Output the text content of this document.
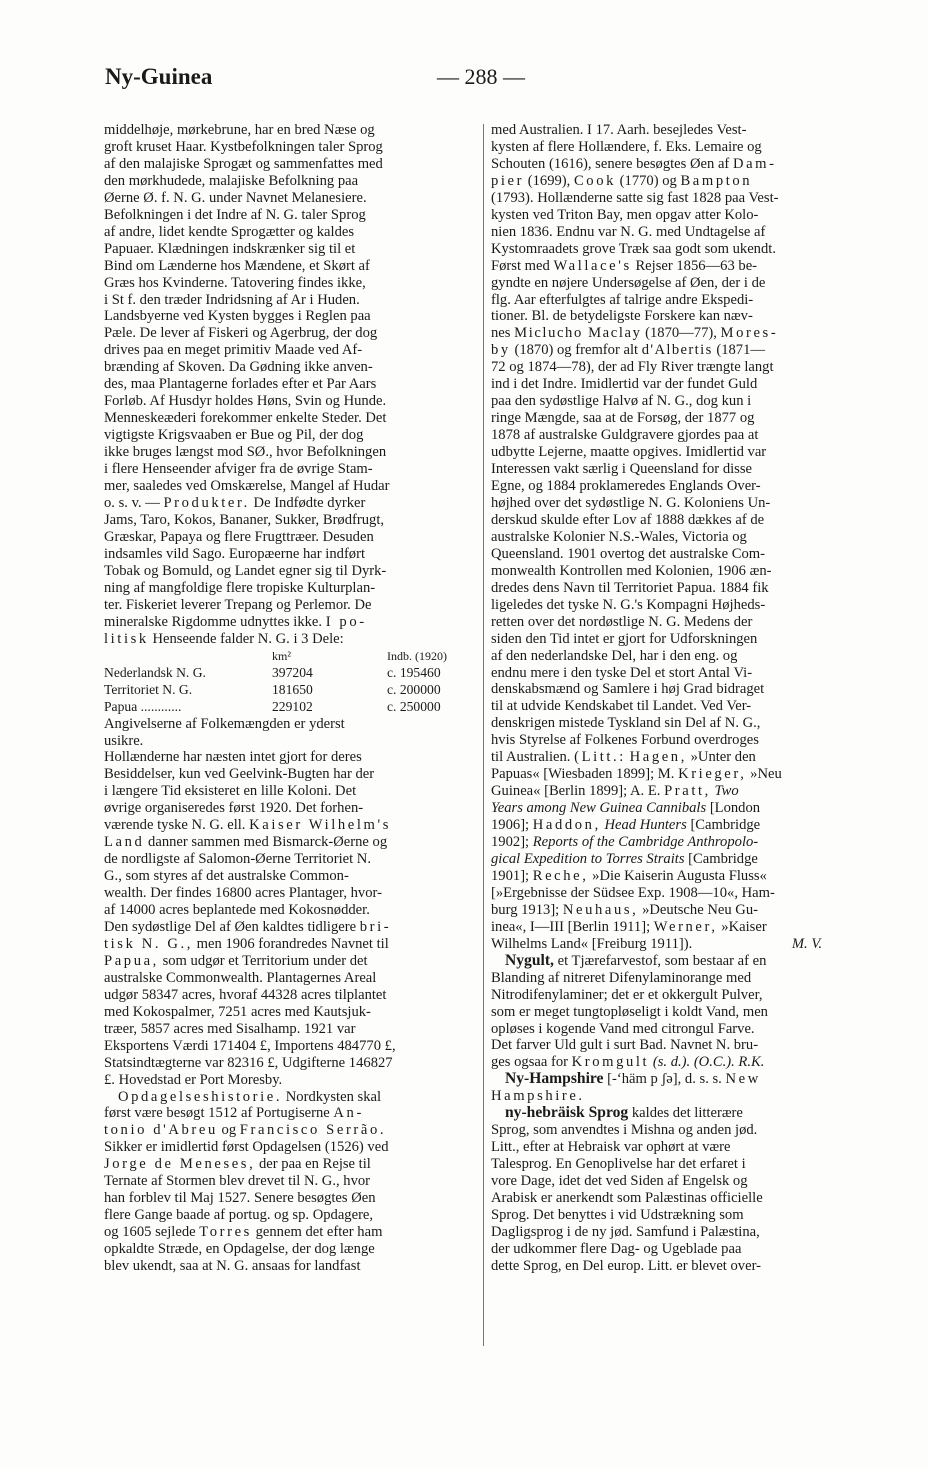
Ny-Guinea	— 288 —
middelhøje, mørkebrune, har en bred Næse og
groft kruset Haar. Kystbefolkningen taler Sprog
af den malajiske Sprogæt og sammenfattes med
den mørkhudede, malajiske Befolkning paa
Øerne Ø. f. N. G. under Navnet Melanesiere.
Befolkningen i det Indre af N. G. taler Sprog
af andre, lidet kendte Sprogætter og kaldes
Papuaer. Klædningen indskrænker sig til et
Bind om Lænderne hos Mændene, et Skørt af
Græs hos Kvinderne. Tatovering findes ikke,
i St f. den træder Indridsning af Ar i Huden.
Landsbyerne ved Kysten bygges i Reglen paa
Pæle. De lever af Fiskeri og Agerbrug, der dog
drives paa en meget primitiv Maade ved Af-
brænding af Skoven. Da Gødning ikke anven-
des, maa Plantagerne forlades efter et Par Aars
Forløb. Af Husdyr holdes Høns, Svin og Hunde.
Menneskeæderi forekommer enkelte Steder. Det
vigtigste Krigsvaaben er Bue og Pil, der dog
ikke bruges længst mod SØ., hvor Befolkningen
i flere Henseender afviger fra de øvrige Stam-
mer, saaledes ved Omskærelse, Mangel af Hudar
o. s. v. — Produkter. De Indfødte dyrker
Jams, Taro, Kokos, Bananer, Sukker, Brødfrugt,
Græskar, Papaya og flere Frugttræer. Desuden
indsamles vild Sago. Europæerne har indført
Tobak og Bomuld, og Landet egner sig til Dyrk-
ning af mangfoldige flere tropiske Kulturplan-
ter. Fiskeriet leverer Trepang og Perlemor. De
mineralske Rigdomme udnyttes ikke. I po-
litisk Henseende falder N. G. i 3 Dele:
	km²	Indb. (1920)
Nederlandsk N. G.	397204	c. 195460
Territoriet N. G.	181650	c. 200000
Papua ............	229102	c. 250000
Angivelserne af Folkemængden er yderst
usikre.
Hollænderne har næsten intet gjort for deres
Besiddelser, kun ved Geelvink-Bugten har der
i længere Tid eksisteret en lille Koloni. Det
øvrige organiseredes først 1920. Det forhen-
værende tyske N. G. ell. Kaiser Wilhelm's
Land danner sammen med Bismarck-Øerne og
de nordligste af Salomon-Øerne Territoriet N.
G., som styres af det australske Common-
wealth. Der findes 16800 acres Plantager, hvor-
af 14000 acres beplantede med Kokosnødder.
Den sydøstlige Del af Øen kaldtes tidligere bri-
tisk N. G., men 1906 forandredes Navnet til
Papua, som udgør et Territorium under det
australske Commonwealth. Plantagernes Areal
udgør 58347 acres, hvoraf 44328 acres tilplantet
med Kokospalmer, 7251 acres med Kautsjuk-
træer, 5857 acres med Sisalhamp. 1921 var
Eksportens Værdi 171404 £, Importens 484770 £,
Statsindtægterne var 82316 £, Udgifterne 146827
£. Hovedstad er Port Moresby.
Opdagelseshistorie. Nordkysten skal
først være besøgt 1512 af Portugiserne An-
tonio d'Abreu og Francisco Serrão.
Sikker er imidlertid først Opdagelsen (1526) ved
Jorge de Meneses, der paa en Rejse til
Ternate af Stormen blev drevet til N. G., hvor
han forblev til Maj 1527. Senere besøgtes Øen
flere Gange baade af portug. og sp. Opdagere,
og 1605 sejlede Torres gennem det efter ham
opkaldte Stræde, en Opdagelse, der dog længe
blev ukendt, saa at N. G. ansaas for landfast
med Australien. I 17. Aarh. besejledes Vest-
kysten af flere Hollændere, f. Eks. Lemaire og
Schouten (1616), senere besøgtes Øen af Dam-
pier (1699), Cook (1770) og Bampton
(1793). Hollænderne satte sig fast 1828 paa Vest-
kysten ved Triton Bay, men opgav atter Kolo-
nien 1836. Endnu var N. G. med Undtagelse af
Kystomraadets grove Træk saa godt som ukendt.
Først med Wallace's Rejser 1856—63 be-
gyndte en nøjere Undersøgelse af Øen, der i de
flg. Aar efterfulgtes af talrige andre Ekspedi-
tioner. Bl. de betydeligste Forskere kan næv-
nes Miclucho Maclay (1870—77), Mores-
by (1870) og fremfor alt d'Albertis (1871—
72 og 1874—78), der ad Fly River trængte langt
ind i det Indre. Imidlertid var der fundet Guld
paa den sydøstlige Halvø af N. G., dog kun i
ringe Mængde, saa at de Forsøg, der 1877 og
1878 af australske Guldgravere gjordes paa at
udbytte Lejerne, maatte opgives. Imidlertid var
Interessen vakt særlig i Queensland for disse
Egne, og 1884 proklameredes Englands Over-
højhed over det sydøstlige N. G. Koloniens Un-
derskud skulde efter Lov af 1888 dækkes af de
australske Kolonier N.S.-Wales, Victoria og
Queensland. 1901 overtog det australske Com-
monwealth Kontrollen med Kolonien, 1906 æn-
dredes dens Navn til Territoriet Papua. 1884 fik
ligeledes det tyske N. G.'s Kompagni Højheds-
retten over det nordøstlige N. G. Medens der
siden den Tid intet er gjort for Udforskningen
af den nederlandske Del, har i den eng. og
endnu mere i den tyske Del et stort Antal Vi-
denskabsmænd og Samlere i høj Grad bidraget
til at udvide Kendskabet til Landet. Ved Ver-
denskrigen mistede Tyskland sin Del af N. G.,
hvis Styrelse af Folkenes Forbund overdroges
til Australien. (Litt.: Hagen, »Unter den
Papuas« [Wiesbaden 1899]; M. Krieger, »Neu
Guinea« [Berlin 1899]; A. E. Pratt, Two
Years among New Guinea Cannibals [London
1906]; Haddon, Head Hunters [Cambridge
1902]; Reports of the Cambridge Anthropolo-
gical Expedition to Torres Straits [Cambridge
1901]; Reche, »Die Kaiserin Augusta Fluss«
[»Ergebnisse der Südsee Exp. 1908—10«, Ham-
burg 1913]; Neuhaus, »Deutsche Neu Gu-
inea«, I—III [Berlin 1911]; Werner, »Kaiser
Wilhelms Land« [Freiburg 1911]).	M. V.
Nygult, et Tjærefarvestof, som bestaar af en
Blanding af nitreret Difenylaminorange med
Nitrodifenylaminer; det er et okkergult Pulver,
som er meget tungtopløseligt i koldt Vand, men
opløses i kogende Vand med citrongul Farve.
Det farver Uld gult i surt Bad. Navnet N. bru-
ges ogsaa for Kromgult (s. d.). (O.C.). R.K.
Ny-Hampshire [-ʻhäm p ʃə], d. s. s. New
Hampshire.
ny-hebräisk Sprog kaldes det litterære
Sprog, som anvendtes i Mishna og anden jød.
Litt., efter at Hebraisk var ophørt at være
Talesprog. En Genoplivelse har det erfaret i
vore Dage, idet det ved Siden af Engelsk og
Arabisk er anerkendt som Palæstinas officielle
Sprog. Det benyttes i vid Udstrækning som
Dagligsprog i de ny jød. Samfund i Palæstina,
der udkommer flere Dag- og Ugeblade paa
dette Sprog, en Del europ. Litt. er blevet over-
